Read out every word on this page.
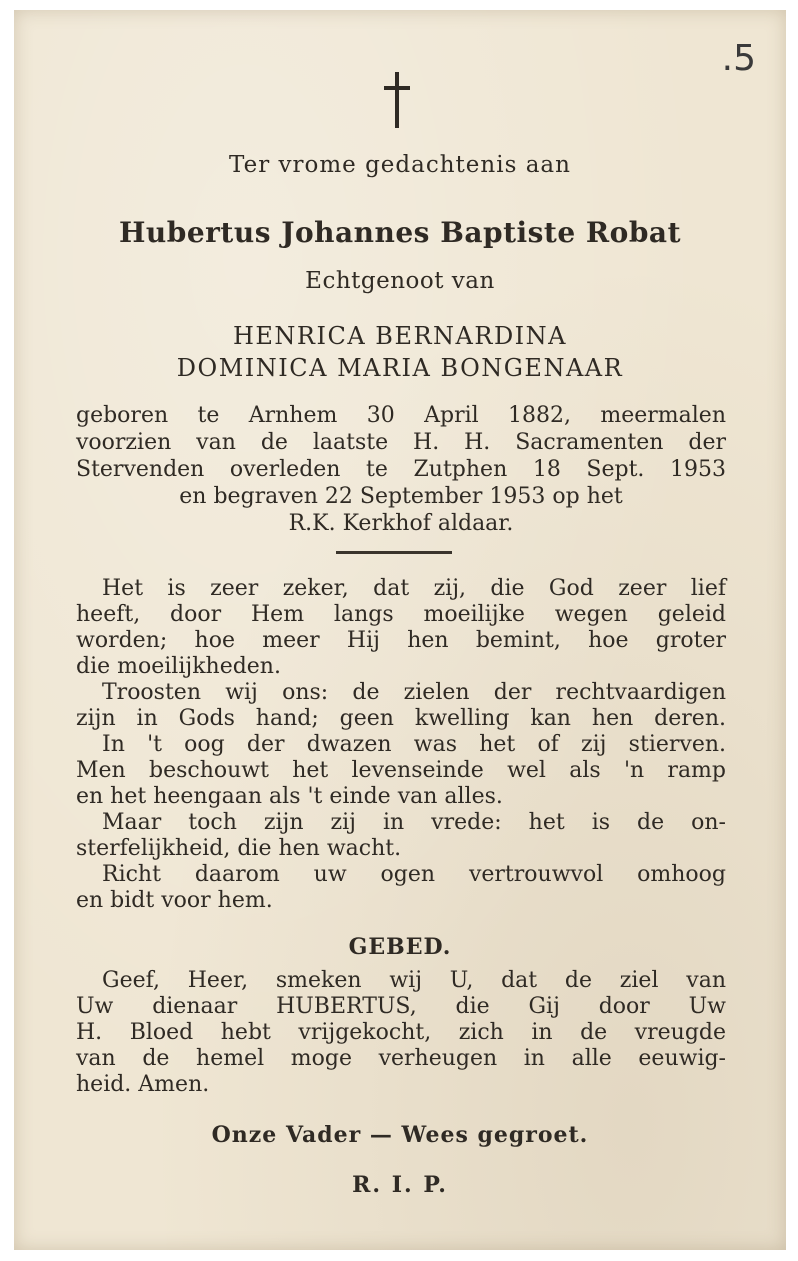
.5
Ter vrome gedachtenis aan
Hubertus Johannes Baptiste Robat
Echtgenoot van
HENRICA BERNARDINA
DOMINICA MARIA BONGENAAR
geboren te Arnhem 30 April 1882, meermalen
voorzien van de laatste H. H. Sacramenten der
Stervenden overleden te Zutphen 18 Sept. 1953
en begraven 22 September 1953 op het
R.K. Kerkhof aldaar.
Het is zeer zeker, dat zij, die God zeer lief
heeft, door Hem langs moeilijke wegen geleid
worden; hoe meer Hij hen bemint, hoe groter
die moeilijkheden.
Troosten wij ons: de zielen der rechtvaardigen
zijn in Gods hand; geen kwelling kan hen deren.
In 't oog der dwazen was het of zij stierven.
Men beschouwt het levenseinde wel als 'n ramp
en het heengaan als 't einde van alles.
Maar toch zijn zij in vrede: het is de on-
sterfelijkheid, die hen wacht.
Richt daarom uw ogen vertrouwvol omhoog
en bidt voor hem.
GEBED.
Geef, Heer, smeken wij U, dat de ziel van
Uw dienaar HUBERTUS, die Gij door Uw
H. Bloed hebt vrijgekocht, zich in de vreugde
van de hemel moge verheugen in alle eeuwig-
heid. Amen.
Onze Vader — Wees gegroet.
R. I. P.
